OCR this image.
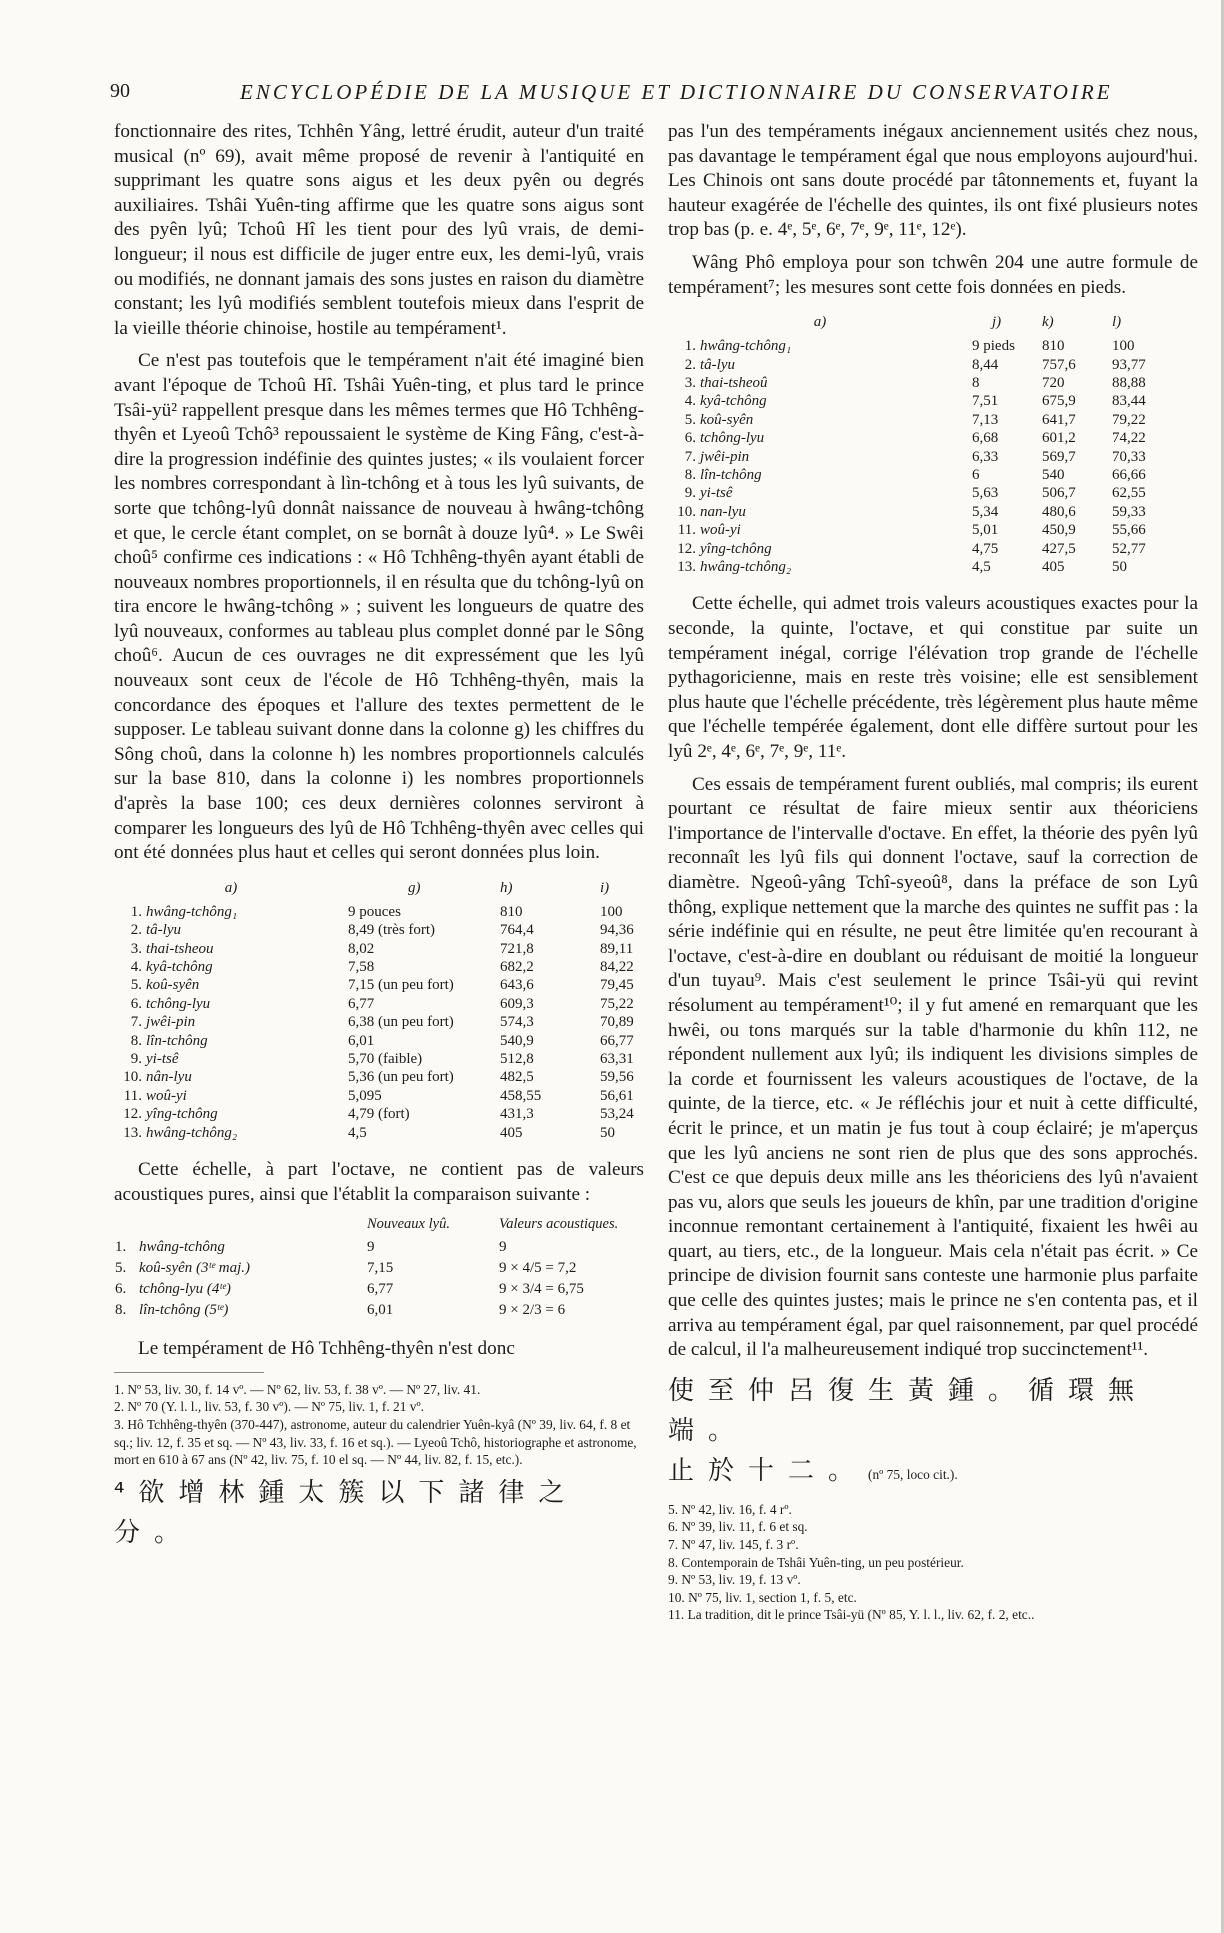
90	ENCYCLOPÉDIE DE LA MUSIQUE ET DICTIONNAIRE DU CONSERVATOIRE

fonctionnaire des rites, Tchhên Yâng, lettré érudit, auteur d'un traité musical (nº 69), avait même proposé de revenir à l'antiquité en supprimant les quatre sons aigus et les deux pyên ou degrés auxiliaires. Tshâi Yuên-ting affirme que les quatre sons aigus sont des pyên lyû; Tchoû Hî les tient pour des lyû vrais, de demi-longueur; il nous est difficile de juger entre eux, les demi-lyû, vrais ou modifiés, ne donnant jamais des sons justes en raison du diamètre constant; les lyû modifiés semblent toutefois mieux dans l'esprit de la vieille théorie chinoise, hostile au tempérament¹.

Ce n'est pas toutefois que le tempérament n'ait été imaginé bien avant l'époque de Tchoû Hî. Tshâi Yuên-ting, et plus tard le prince Tsâi-yü² rappellent presque dans les mêmes termes que Hô Tchhêng-thyên et Lyeoû Tchô³ repoussaient le système de King Fâng, c'est-à-dire la progression indéfinie des quintes justes; « ils voulaient forcer les nombres correspondant à lìn-tchông et à tous les lyû suivants, de sorte que tchông-lyû donnât naissance de nouveau à hwâng-tchông et que, le cercle étant complet, on se bornât à douze lyû⁴. » Le Swêi choû⁵ confirme ces indications : « Hô Tchhêng-thyên ayant établi de nouveaux nombres proportionnels, il en résulta que du tchông-lyû on tira encore le hwâng-tchông » ; suivent les longueurs de quatre des lyû nouveaux, conformes au tableau plus complet donné par le Sông choû⁶. Aucun de ces ouvrages ne dit expressément que les lyû nouveaux sont ceux de l'école de Hô Tchhêng-thyên, mais la concordance des époques et l'allure des textes permettent de le supposer. Le tableau suivant donne dans la colonne g) les chiffres du Sông choû, dans la colonne h) les nombres proportionnels calculés sur la base 810, dans la colonne i) les nombres proportionnels d'après la base 100; ces deux dernières colonnes serviront à comparer les longueurs des lyû de Hô Tchhêng-thyên avec celles qui ont été données plus haut et celles qui seront données plus loin.

a)		g)	h)	i)
1.	hwâng-tchông₁	9 pouces	810	100
2.	tâ-lyu	8,49 (très fort)	764,4	94,36
3.	thai-tsheou	8,02	721,8	89,11
4.	kyâ-tchông	7,58	682,2	84,22
5.	koû-syên	7,15 (un peu fort)	643,6	79,45
6.	tchông-lyu	6,77	609,3	75,22
7.	jwêi-pin	6,38 (un peu fort)	574,3	70,89
8.	lîn-tchông	6,01	540,9	66,77
9.	yi-tsê	5,70 (faible)	512,8	63,31
10.	nân-lyu	5,36 (un peu fort)	482,5	59,56
11.	woû-yi	5,095	458,55	56,61
12.	yîng-tchông	4,79 (fort)	431,3	53,24
13.	hwâng-tchông₂	4,5	405	50

Cette échelle, à part l'octave, ne contient pas de valeurs acoustiques pures, ainsi que l'établit la comparaison suivante :

	Nouveaux lyû.	Valeurs acoustiques.
1. hwâng-tchông	9	9
5. koû-syên (3ᵗᵉ maj.)	7,15	9 × 4/5 = 7,2
6. tchông-lyu (4ᵗᵉ)	6,77	9 × 3/4 = 6,75
8. lîn-tchông (5ᵗᵉ)	6,01	9 × 2/3 = 6

Le tempérament de Hô Tchhêng-thyên n'est donc

1. Nº 53, liv. 30, f. 14 vº. — Nº 62, liv. 53, f. 38 vº. — Nº 27, liv. 41.

2. Nº 70 (Y. l. l., liv. 53, f. 30 vº). — Nº 75, liv. 1, f. 21 vº.

3. Hô Tchhêng-thyên (370-447), astronome, auteur du calendrier Yuên-kyâ (Nº 39, liv. 64, f. 8 et sq.; liv. 12, f. 35 et sq. — Nº 43, liv. 33, f. 16 et sq.). — Lyeoû Tchô, historiographe et astronome, mort en 610 à 67 ans (Nº 42, liv. 75, f. 10 el sq. — Nº 44, liv. 82, f. 15, etc.).

⁴欲增林鍾太簇以下諸律之分。

pas l'un des tempéraments inégaux anciennement usités chez nous, pas davantage le tempérament égal que nous employons aujourd'hui. Les Chinois ont sans doute procédé par tâtonnements et, fuyant la hauteur exagérée de l'échelle des quintes, ils ont fixé plusieurs notes trop bas (p. e. 4ᵉ, 5ᵉ, 6ᵉ, 7ᵉ, 9ᵉ, 11ᵉ, 12ᵉ).

Wâng Phô employa pour son tchwên 204 une autre formule de tempérament⁷; les mesures sont cette fois données en pieds.

a)		j)	k)	l)
1.	hwâng-tchông₁	9 pieds	810	100
2.	tâ-lyu	8,44	757,6	93,77
3.	thai-tsheoû	8	720	88,88
4.	kyâ-tchông	7,51	675,9	83,44
5.	koû-syên	7,13	641,7	79,22
6.	tchông-lyu	6,68	601,2	74,22
7.	jwêi-pin	6,33	569,7	70,33
8.	lîn-tchông	6	540	66,66
9.	yi-tsê	5,63	506,7	62,55
10.	nan-lyu	5,34	480,6	59,33
11.	woû-yi	5,01	450,9	55,66
12.	yîng-tchông	4,75	427,5	52,77
13.	hwâng-tchông₂	4,5	405	50

Cette échelle, qui admet trois valeurs acoustiques exactes pour la seconde, la quinte, l'octave, et qui constitue par suite un tempérament inégal, corrige l'élévation trop grande de l'échelle pythagoricienne, mais en reste très voisine; elle est sensiblement plus haute que l'échelle précédente, très légèrement plus haute même que l'échelle tempérée également, dont elle diffère surtout pour les lyû 2ᵉ, 4ᵉ, 6ᵉ, 7ᵉ, 9ᵉ, 11ᵉ.

Ces essais de tempérament furent oubliés, mal compris; ils eurent pourtant ce résultat de faire mieux sentir aux théoriciens l'importance de l'intervalle d'octave. En effet, la théorie des pyên lyû reconnaît les lyû fils qui donnent l'octave, sauf la correction de diamètre. Ngeoû-yâng Tchî-syeoû⁸, dans la préface de son Lyû thông, explique nettement que la marche des quintes ne suffit pas : la série indéfinie qui en résulte, ne peut être limitée qu'en recourant à l'octave, c'est-à-dire en doublant ou réduisant de moitié la longueur d'un tuyau⁹. Mais c'est seulement le prince Tsâi-yü qui revint résolument au tempérament¹⁰; il y fut amené en remarquant que les hwêi, ou tons marqués sur la table d'harmonie du khîn 112, ne répondent nullement aux lyû; ils indiquent les divisions simples de la corde et fournissent les valeurs acoustiques de l'octave, de la quinte, de la tierce, etc. « Je réfléchis jour et nuit à cette difficulté, écrit le prince, et un matin je fus tout à coup éclairé; je m'aperçus que les lyû anciens ne sont rien de plus que des sons approchés. C'est ce que depuis deux mille ans les théoriciens des lyû n'avaient pas vu, alors que seuls les joueurs de khîn, par une tradition d'origine inconnue remontant certainement à l'antiquité, fixaient les hwêi au quart, au tiers, etc., de la longueur. Mais cela n'était pas écrit. » Ce principe de division fournit sans conteste une harmonie plus parfaite que celle des quintes justes; mais le prince ne s'en contenta pas, et il arriva au tempérament égal, par quel raisonnement, par quel procédé de calcul, il l'a malheureusement indiqué trop succinctement¹¹.

使至仲呂復生黃鍾。循環無端。
止於十二。(nº 75, loco cit.).

5. Nº 42, liv. 16, f. 4 rº.

6. Nº 39, liv. 11, f. 6 et sq.

7. Nº 47, liv. 145, f. 3 rº.

8. Contemporain de Tshâi Yuên-ting, un peu postérieur.

9. Nº 53, liv. 19, f. 13 vº.

10. Nº 75, liv. 1, section 1, f. 5, etc.

11. La tradition, dit le prince Tsâi-yü (Nº 85, Y. l. l., liv. 62, f. 2, etc..
